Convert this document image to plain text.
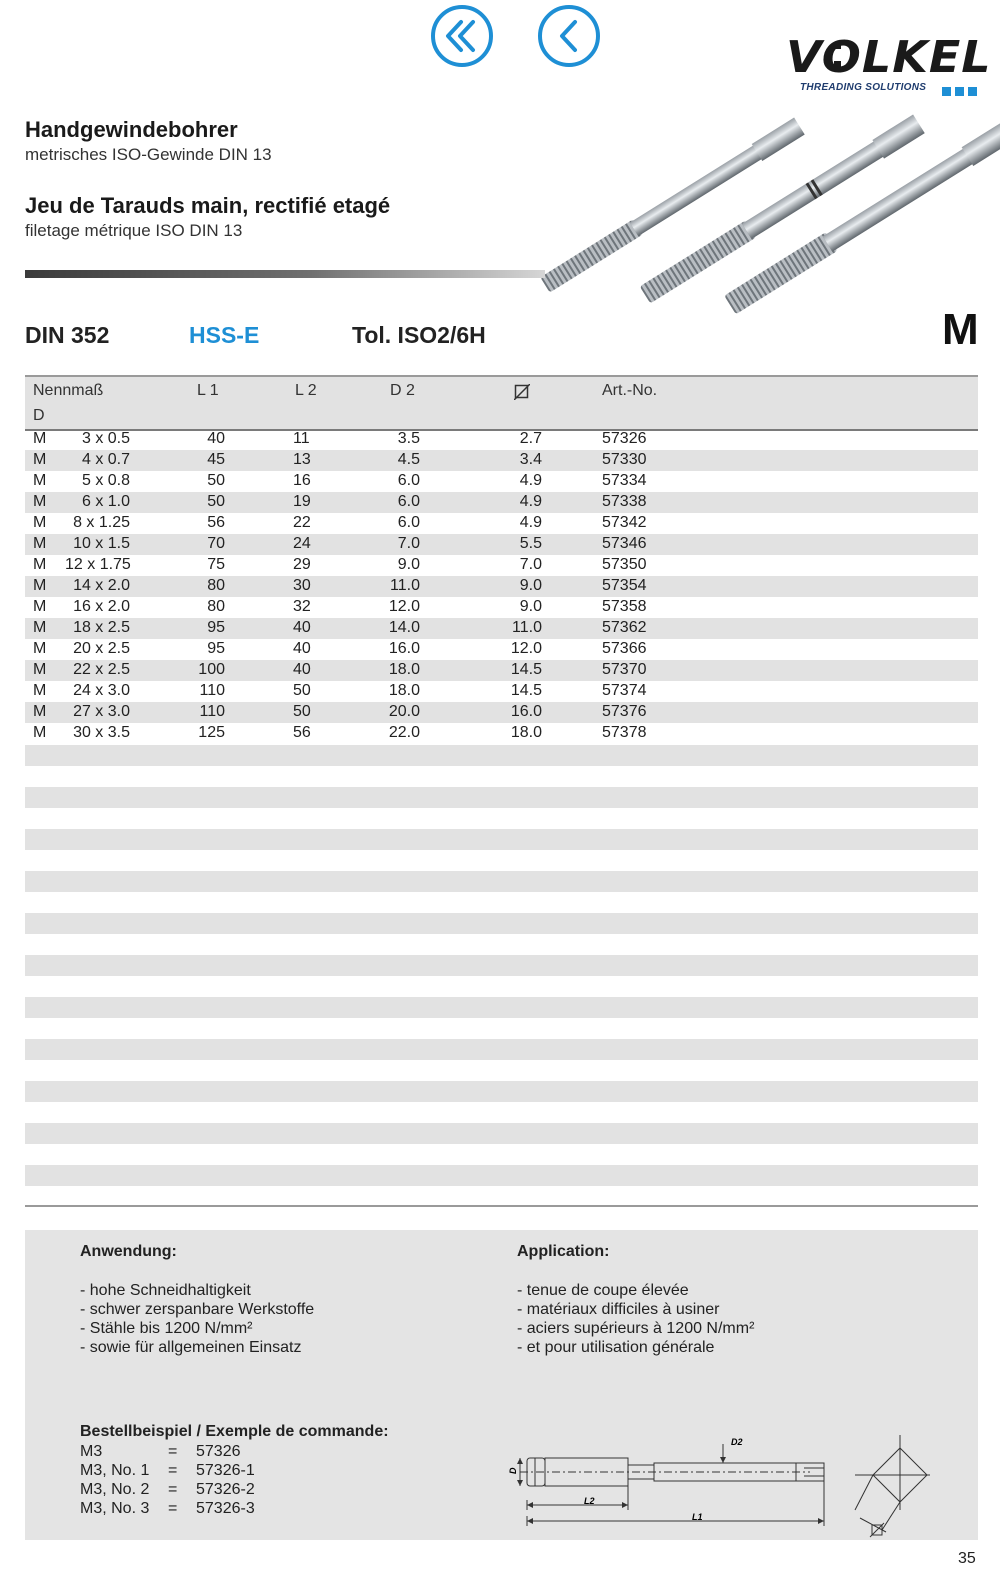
VOLKEL
THREADING SOLUTIONS
Handgewindebohrer
metrisches ISO-Gewinde DIN 13
Jeu de Tarauds main, rectifié etagé
filetage métrique ISO DIN 13
DIN 352	HSS-E	Tol. ISO2/6H	M
Nennmaß
D
L 1	L 2	D 2	Art.-No.
M	3 x 0.5	40	11	3.5	2.7	57326
M	4 x 0.7	45	13	4.5	3.4	57330
M	5 x 0.8	50	16	6.0	4.9	57334
M	6 x 1.0	50	19	6.0	4.9	57338
M	8 x 1.25	56	22	6.0	4.9	57342
M	10 x 1.5	70	24	7.0	5.5	57346
M	12 x 1.75	75	29	9.0	7.0	57350
M	14 x 2.0	80	30	11.0	9.0	57354
M	16 x 2.0	80	32	12.0	9.0	57358
M	18 x 2.5	95	40	14.0	11.0	57362
M	20 x 2.5	95	40	16.0	12.0	57366
M	22 x 2.5	100	40	18.0	14.5	57370
M	24 x 3.0	110	50	18.0	14.5	57374
M	27 x 3.0	110	50	20.0	16.0	57376
M	30 x 3.5	125	56	22.0	18.0	57378
Anwendung:
- hohe Schneidhaltigkeit
- schwer zerspanbare Werkstoffe
- Stähle bis 1200 N/mm²
- sowie für allgemeinen Einsatz
Application:
- tenue de coupe élevée
- matériaux difficiles à usiner
- aciers supérieurs à 1200 N/mm²
- et pour utilisation générale
Bestellbeispiel / Exemple de commande:
M3	= 57326
M3, No. 1 = 57326-1
M3, No. 2 = 57326-2
M3, No. 3 = 57326-3
D
D2
L2
L1
35
